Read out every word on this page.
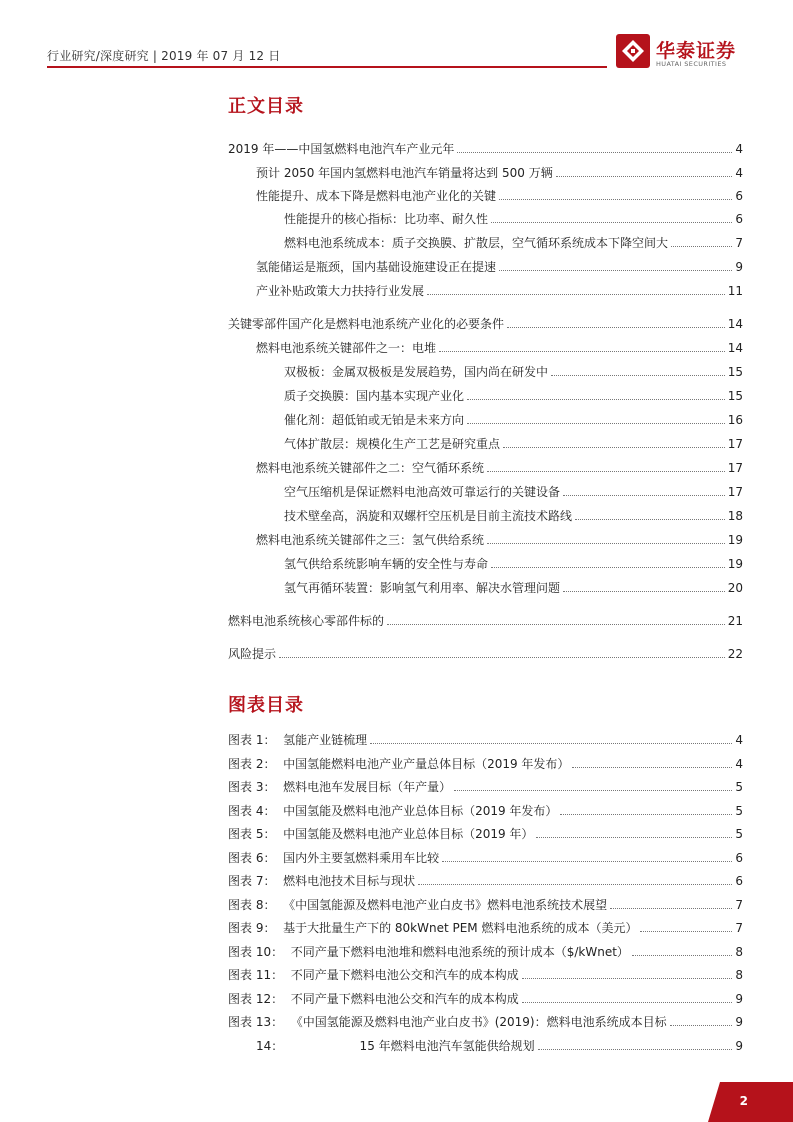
行业研究/深度研究 | 2019 年 07 月 12 日	华泰证券
HUATAI SECURITIES
正文目录
2019 年——中国氢燃料电池汽车产业元年	4
预计 2050 年国内氢燃料电池汽车销量将达到 500 万辆	4
性能提升、成本下降是燃料电池产业化的关键	6
性能提升的核心指标：比功率、耐久性	6
燃料电池系统成本：质子交换膜、扩散层，空气循环系统成本下降空间大	7
氢能储运是瓶颈，国内基础设施建设正在提速	9
产业补贴政策大力扶持行业发展	11
关键零部件国产化是燃料电池系统产业化的必要条件	14
燃料电池系统关键部件之一：电堆	14
双极板：金属双极板是发展趋势，国内尚在研发中	15
质子交换膜：国内基本实现产业化	15
催化剂：超低铂或无铂是未来方向	16
气体扩散层：规模化生产工艺是研究重点	17
燃料电池系统关键部件之二：空气循环系统	17
空气压缩机是保证燃料电池高效可靠运行的关键设备	17
技术壁垒高，涡旋和双螺杆空压机是目前主流技术路线	18
燃料电池系统关键部件之三：氢气供给系统	19
氢气供给系统影响车辆的安全性与寿命	19
氢气再循环装置：影响氢气利用率、解决水管理问题	20
燃料电池系统核心零部件标的	21
风险提示	22
图表目录
图表 1：  氢能产业链梳理	4
图表 2：  中国氢能燃料电池产业产量总体目标（2019 年发布）	4
图表 3：  燃料电池车发展目标（年产量）	5
图表 4：  中国氢能及燃料电池产业总体目标（2019 年发布）	5
图表 5：  中国氢能及燃料电池产业总体目标（2019 年）	5
图表 6：  国内外主要氢燃料乘用车比较	6
图表 7：  燃料电池技术目标与现状	6
图表 8：  《中国氢能源及燃料电池产业白皮书》燃料电池系统技术展望	7
图表 9：  基于大批量生产下的 80kWnet PEM 燃料电池系统的成本（美元）	7
图表 10：  不同产量下燃料电池堆和燃料电池系统的预计成本（$/kWnet）	8
图表 11：  不同产量下燃料电池公交和汽车的成本构成	8
图表 12：  不同产量下燃料电池公交和汽车的成本构成	9
图表 13：  《中国氢能源及燃料电池产业白皮书》(2019)：燃料电池系统成本目标	9
14：                    15 年燃料电池汽车氢能供给规划	9
2
